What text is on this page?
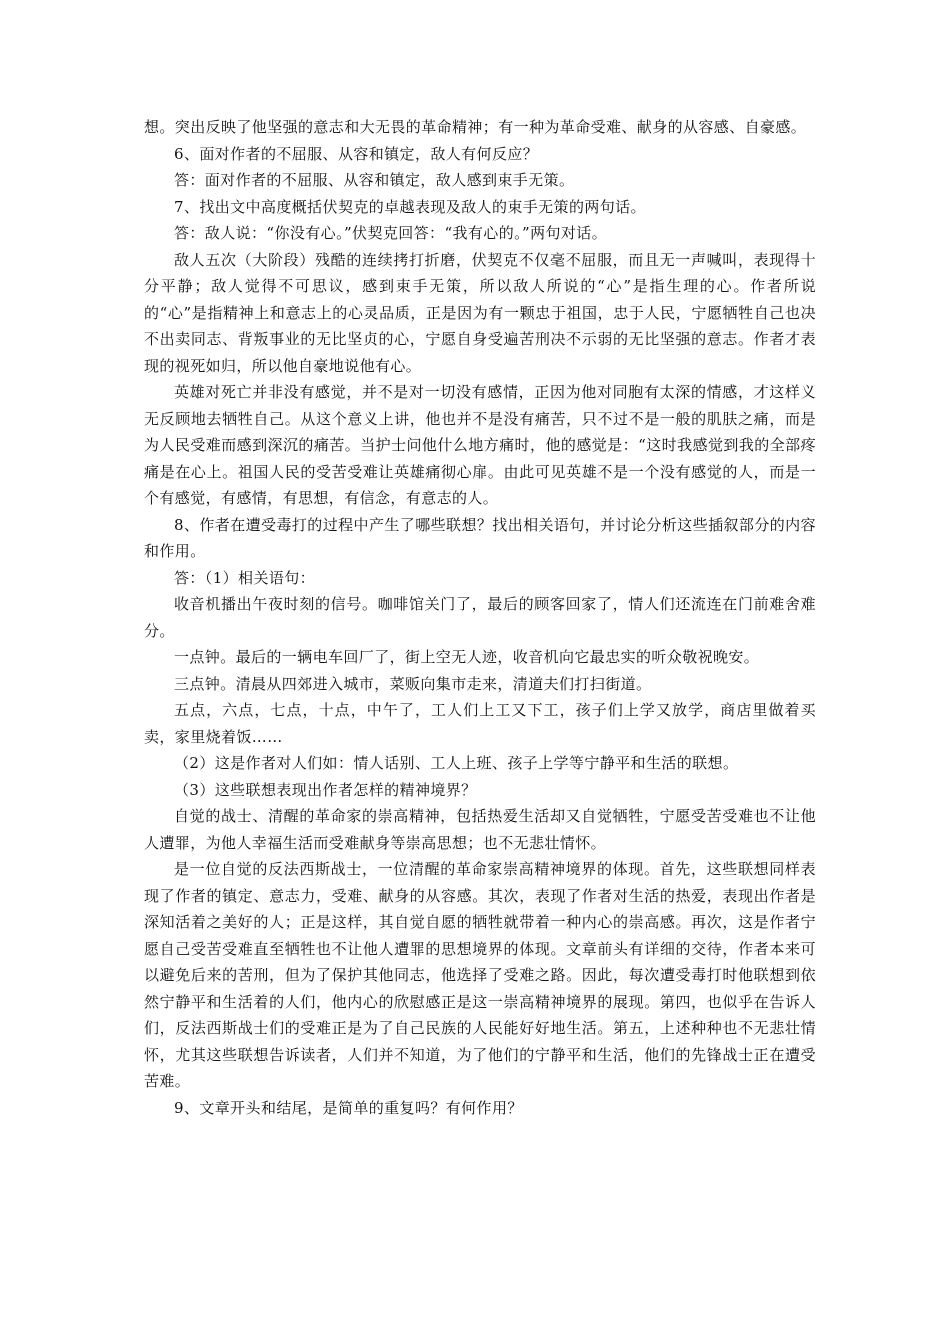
想。突出反映了他坚强的意志和大无畏的革命精神；有一种为革命受难、献身的从容感、自豪感。

6、面对作者的不屈服、从容和镇定，敌人有何反应？

答：面对作者的不屈服、从容和镇定，敌人感到束手无策。

7、找出文中高度概括伏契克的卓越表现及敌人的束手无策的两句话。

答：敌人说：“你没有心。”伏契克回答：“我有心的。”两句对话。

敌人五次（大阶段）残酷的连续拷打折磨，伏契克不仅毫不屈服，而且无一声喊叫，表现得十分平静；敌人觉得不可思议，感到束手无策，所以敌人所说的“心”是指生理的心。作者所说的“心”是指精神上和意志上的心灵品质，正是因为有一颗忠于祖国，忠于人民，宁愿牺牲自己也决不出卖同志、背叛事业的无比坚贞的心，宁愿自身受遍苦刑决不示弱的无比坚强的意志。作者才表现的视死如归，所以他自豪地说他有心。

英雄对死亡并非没有感觉，并不是对一切没有感情，正因为他对同胞有太深的情感，才这样义无反顾地去牺牲自己。从这个意义上讲，他也并不是没有痛苦，只不过不是一般的肌肤之痛，而是为人民受难而感到深沉的痛苦。当护士问他什么地方痛时，他的感觉是：“这时我感觉到我的全部疼痛是在心上。祖国人民的受苦受难让英雄痛彻心扉。由此可见英雄不是一个没有感觉的人，而是一个有感觉，有感情，有思想，有信念，有意志的人。

8、作者在遭受毒打的过程中产生了哪些联想？找出相关语句，并讨论分析这些插叙部分的内容和作用。

答：（1）相关语句：

收音机播出午夜时刻的信号。咖啡馆关门了，最后的顾客回家了，情人们还流连在门前难舍难分。

一点钟。最后的一辆电车回厂了，街上空无人迹，收音机向它最忠实的听众敬祝晚安。

三点钟。清晨从四郊进入城市，菜贩向集市走来，清道夫们打扫街道。

五点，六点，七点，十点，中午了，工人们上工又下工，孩子们上学又放学，商店里做着买卖，家里烧着饭……

（2）这是作者对人们如：情人话别、工人上班、孩子上学等宁静平和生活的联想。

（3）这些联想表现出作者怎样的精神境界？

自觉的战士、清醒的革命家的崇高精神，包括热爱生活却又自觉牺牲，宁愿受苦受难也不让他人遭罪，为他人幸福生活而受难献身等崇高思想；也不无悲壮情怀。

是一位自觉的反法西斯战士，一位清醒的革命家崇高精神境界的体现。首先，这些联想同样表现了作者的镇定、意志力，受难、献身的从容感。其次，表现了作者对生活的热爱，表现出作者是深知活着之美好的人；正是这样，其自觉自愿的牺牲就带着一种内心的崇高感。再次，这是作者宁愿自己受苦受难直至牺牲也不让他人遭罪的思想境界的体现。文章前头有详细的交待，作者本来可以避免后来的苦刑，但为了保护其他同志，他选择了受难之路。因此，每次遭受毒打时他联想到依然宁静平和生活着的人们，他内心的欣慰感正是这一崇高精神境界的展现。第四，也似乎在告诉人们，反法西斯战士们的受难正是为了自己民族的人民能好好地生活。第五，上述种种也不无悲壮情怀，尤其这些联想告诉读者，人们并不知道，为了他们的宁静平和生活，他们的先锋战士正在遭受苦难。

9、文章开头和结尾，是简单的重复吗？有何作用？
